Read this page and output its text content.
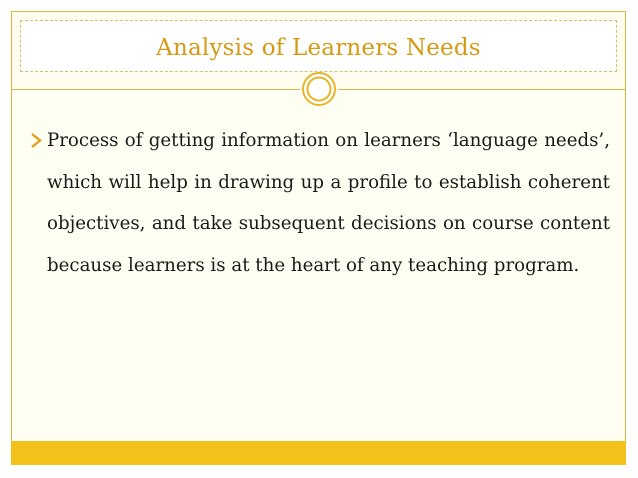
Analysis of Learners Needs
Process of getting information on learners ‘language needs’, which will help in drawing up a profile to establish coherent objectives, and take subsequent decisions on course content because learners is at the heart of any teaching program.
